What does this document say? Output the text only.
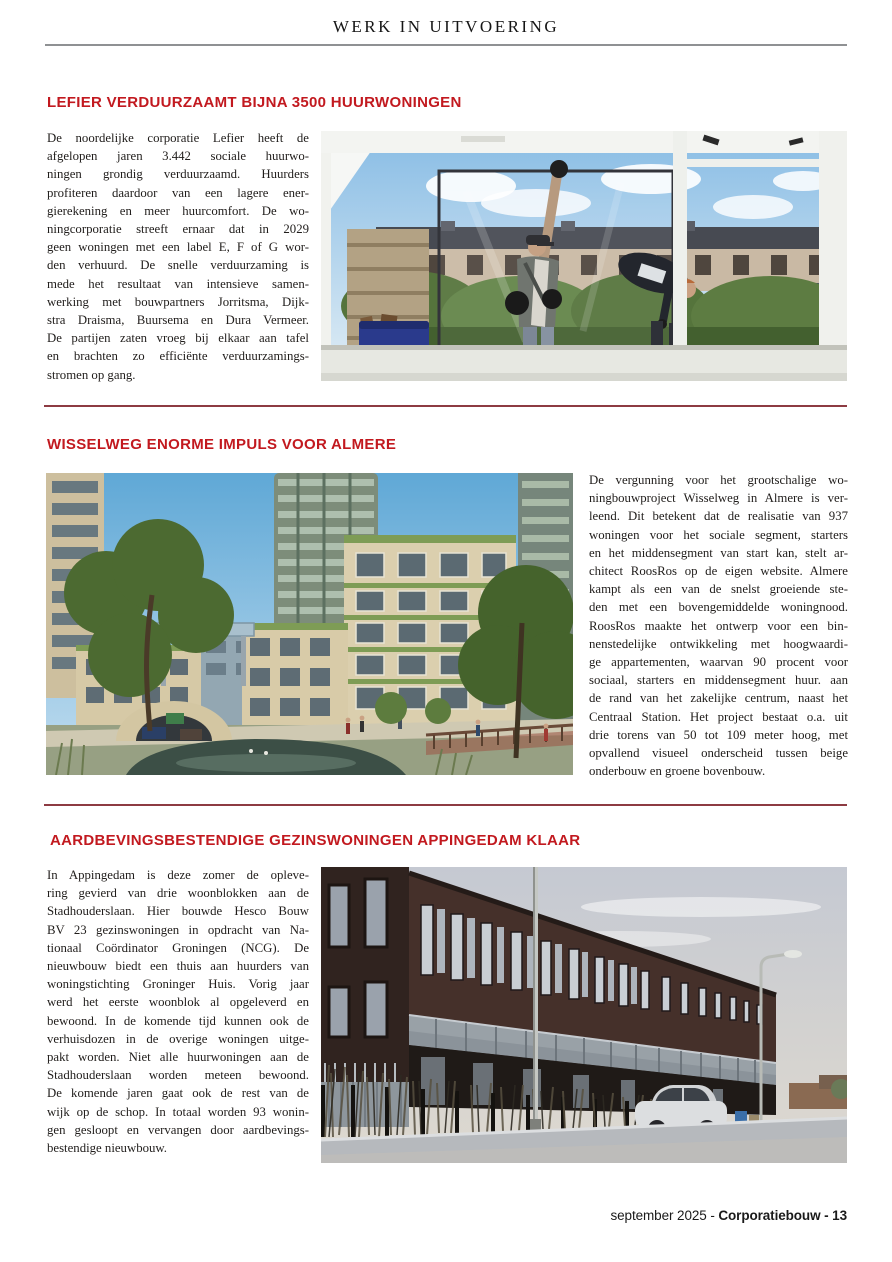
WERK IN UITVOERING
LEFIER VERDUURZAAMT BIJNA 3500 HUURWONINGEN
De noordelijke corporatie Lefier heeft de
afgelopen jaren 3.442 sociale huurwo-
ningen grondig verduurzaamd. Huurders
profiteren daardoor van een lagere ener-
gierekening en meer huurcomfort. De wo-
ningcorporatie streeft ernaar dat in 2029
geen woningen met een label E, F of G wor-
den verhuurd. De snelle verduurzaming is
mede het resultaat van intensieve samen-
werking met bouwpartners Jorritsma, Dijk-
stra Draisma, Buursema en Dura Vermeer.
De partijen zaten vroeg bij elkaar aan tafel
en brachten zo efficiënte verduurzamings-
stromen op gang.
WISSELWEG ENORME IMPULS VOOR ALMERE
De vergunning voor het grootschalige wo-
ningbouwproject Wisselweg in Almere is ver-
leend. Dit betekent dat de realisatie van 937
woningen voor het sociale segment, starters
en het middensegment van start kan, stelt ar-
chitect RoosRos op de eigen website. Almere
kampt als een van de snelst groeiende ste-
den met een bovengemiddelde woningnood.
RoosRos maakte het ontwerp voor een bin-
nenstedelijke ontwikkeling met hoogwaardi-
ge appartementen, waarvan 90 procent voor
sociaal, starters en middensegment huur. aan
de rand van het zakelijke centrum, naast het
Centraal Station. Het project bestaat o.a. uit
drie torens van 50 tot 109 meter hoog, met
opvallend visueel onderscheid tussen beige
onderbouw en groene bovenbouw.
AARDBEVINGSBESTENDIGE GEZINSWONINGEN APPINGEDAM KLAAR
In Appingedam is deze zomer de opleve-
ring gevierd van drie woonblokken aan de
Stadhouderslaan. Hier bouwde Hesco Bouw
BV 23 gezinswoningen in opdracht van Na-
tionaal Coördinator Groningen (NCG). De
nieuwbouw biedt een thuis aan huurders van
woningstichting Groninger Huis. Vorig jaar
werd het eerste woonblok al opgeleverd en
bewoond. In de komende tijd kunnen ook de
verhuisdozen in de overige woningen uitge-
pakt worden. Niet alle huurwoningen aan de
Stadhouderslaan worden meteen bewoond.
De komende jaren gaat ook de rest van de
wijk op de schop. In totaal worden 93 wonin-
gen gesloopt en vervangen door aardbevings-
bestendige nieuwbouw.
september 2025 - Corporatiebouw - 13
